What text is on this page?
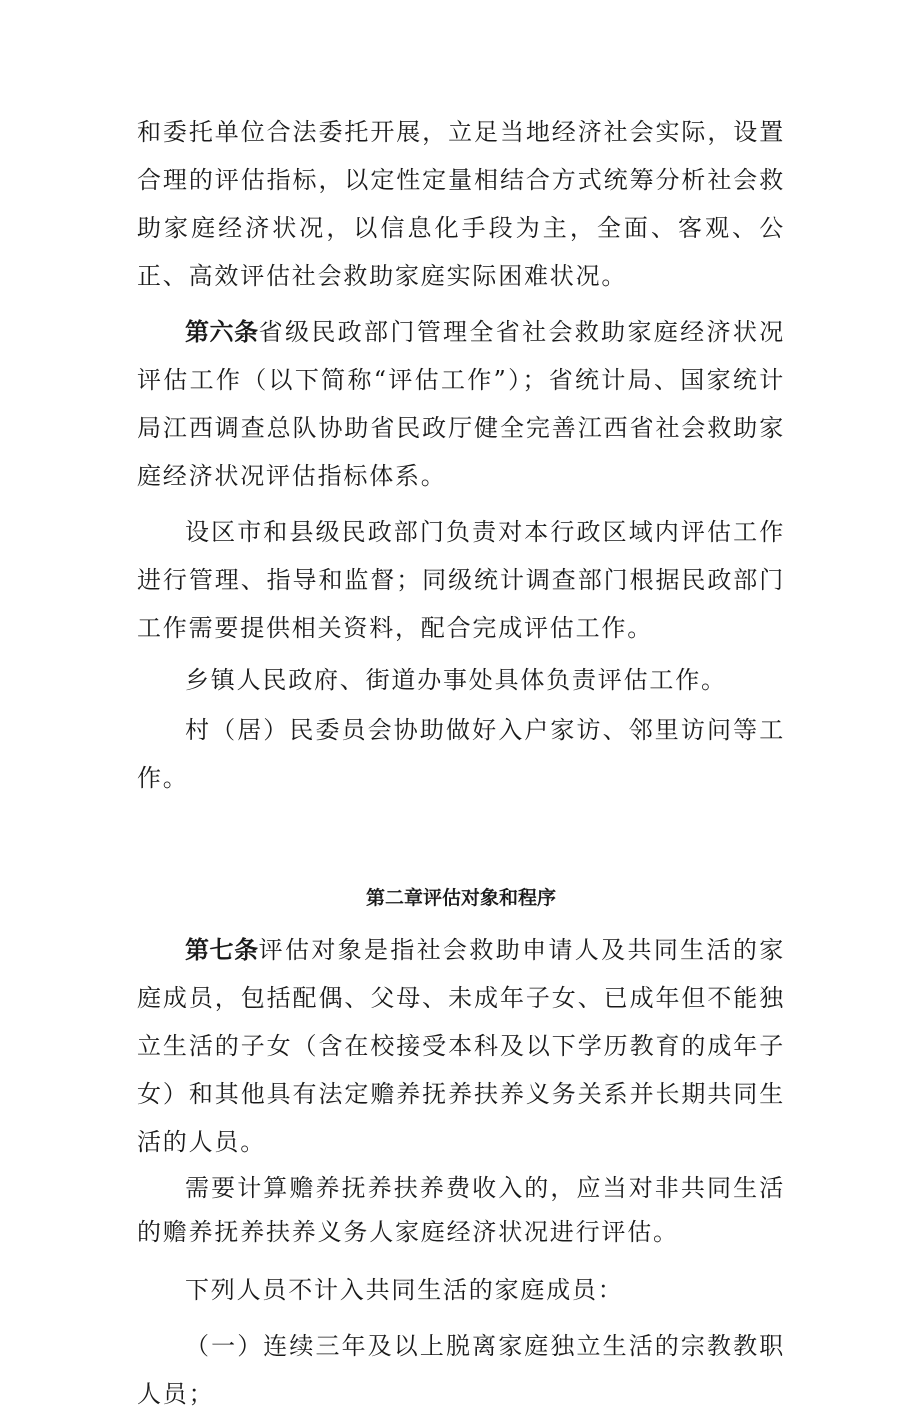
和委托单位合法委托开展，立足当地经济社会实际，设置合理的评估指标，以定性定量相结合方式统筹分析社会救助家庭经济状况，以信息化手段为主，全面、客观、公正、高效评估社会救助家庭实际困难状况。

第六条省级民政部门管理全省社会救助家庭经济状况评估工作（以下简称“评估工作”）；省统计局、国家统计局江西调查总队协助省民政厅健全完善江西省社会救助家庭经济状况评估指标体系。

设区市和县级民政部门负责对本行政区域内评估工作进行管理、指导和监督；同级统计调查部门根据民政部门工作需要提供相关资料，配合完成评估工作。

乡镇人民政府、街道办事处具体负责评估工作。

村（居）民委员会协助做好入户家访、邻里访问等工作。

第二章评估对象和程序

第七条评估对象是指社会救助申请人及共同生活的家庭成员，包括配偶、父母、未成年子女、已成年但不能独立生活的子女（含在校接受本科及以下学历教育的成年子女）和其他具有法定赡养抚养扶养义务关系并长期共同生活的人员。

需要计算赡养抚养扶养费收入的，应当对非共同生活的赡养抚养扶养义务人家庭经济状况进行评估。

下列人员不计入共同生活的家庭成员：

（一）连续三年及以上脱离家庭独立生活的宗教教职人员；
